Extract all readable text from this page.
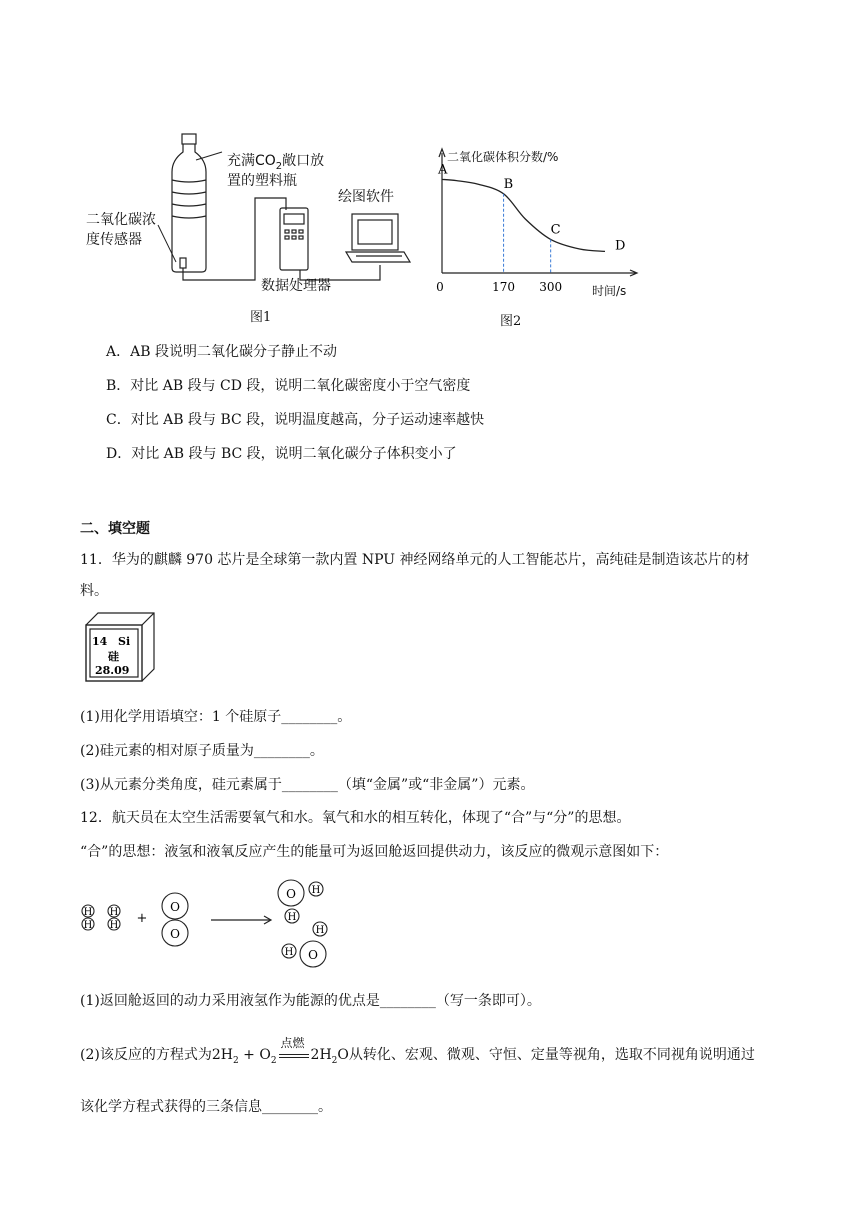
充满$CO_2$敞口放
置的塑料瓶
二氧化碳浓
度传感器
绘图软件
数据处理器
图1
A
B
C
D
0	170 300
二氧化碳体积分数/%
时间/s
图2
A．AB 段说明二氧化碳分子静止不动
B．对比 AB 段与 CD 段，说明二氧化碳密度小于空气密度
C．对比 AB 段与 BC 段，说明温度越高，分子运动速率越快
D．对比 AB 段与 BC 段，说明二氧化碳分子体积变小了
二、填空题
11．华为的麒麟 970 芯片是全球第一款内置 NPU 神经网络单元的人工智能芯片，高纯硅是制造该芯片的材
料。
14 Si
硅
28.09
(1)用化学用语填空：1 个硅原子________。
(2)硅元素的相对原子质量为________。
(3)从元素分类角度，硅元素属于________（填“金属”或“非金属”）元素。
12．航天员在太空生活需要氧气和水。氧气和水的相互转化，体现了“合”与“分”的思想。
“合”的思想：液氢和液氧反应产生的能量可为返回舱返回提供动力，该反应的微观示意图如下：
H
H
H
H +
O
O
O H
H
H
O
H
(1)返回舱返回的动力采用液氢作为能源的优点是________（写一条即可）。
(2)该反应的方程式为$2H_2 + O_2$
点燃
$2H_2O$从转化、宏观、微观、守恒、定量等视角，选取不同视角说明通过
该化学方程式获得的三条信息________。
